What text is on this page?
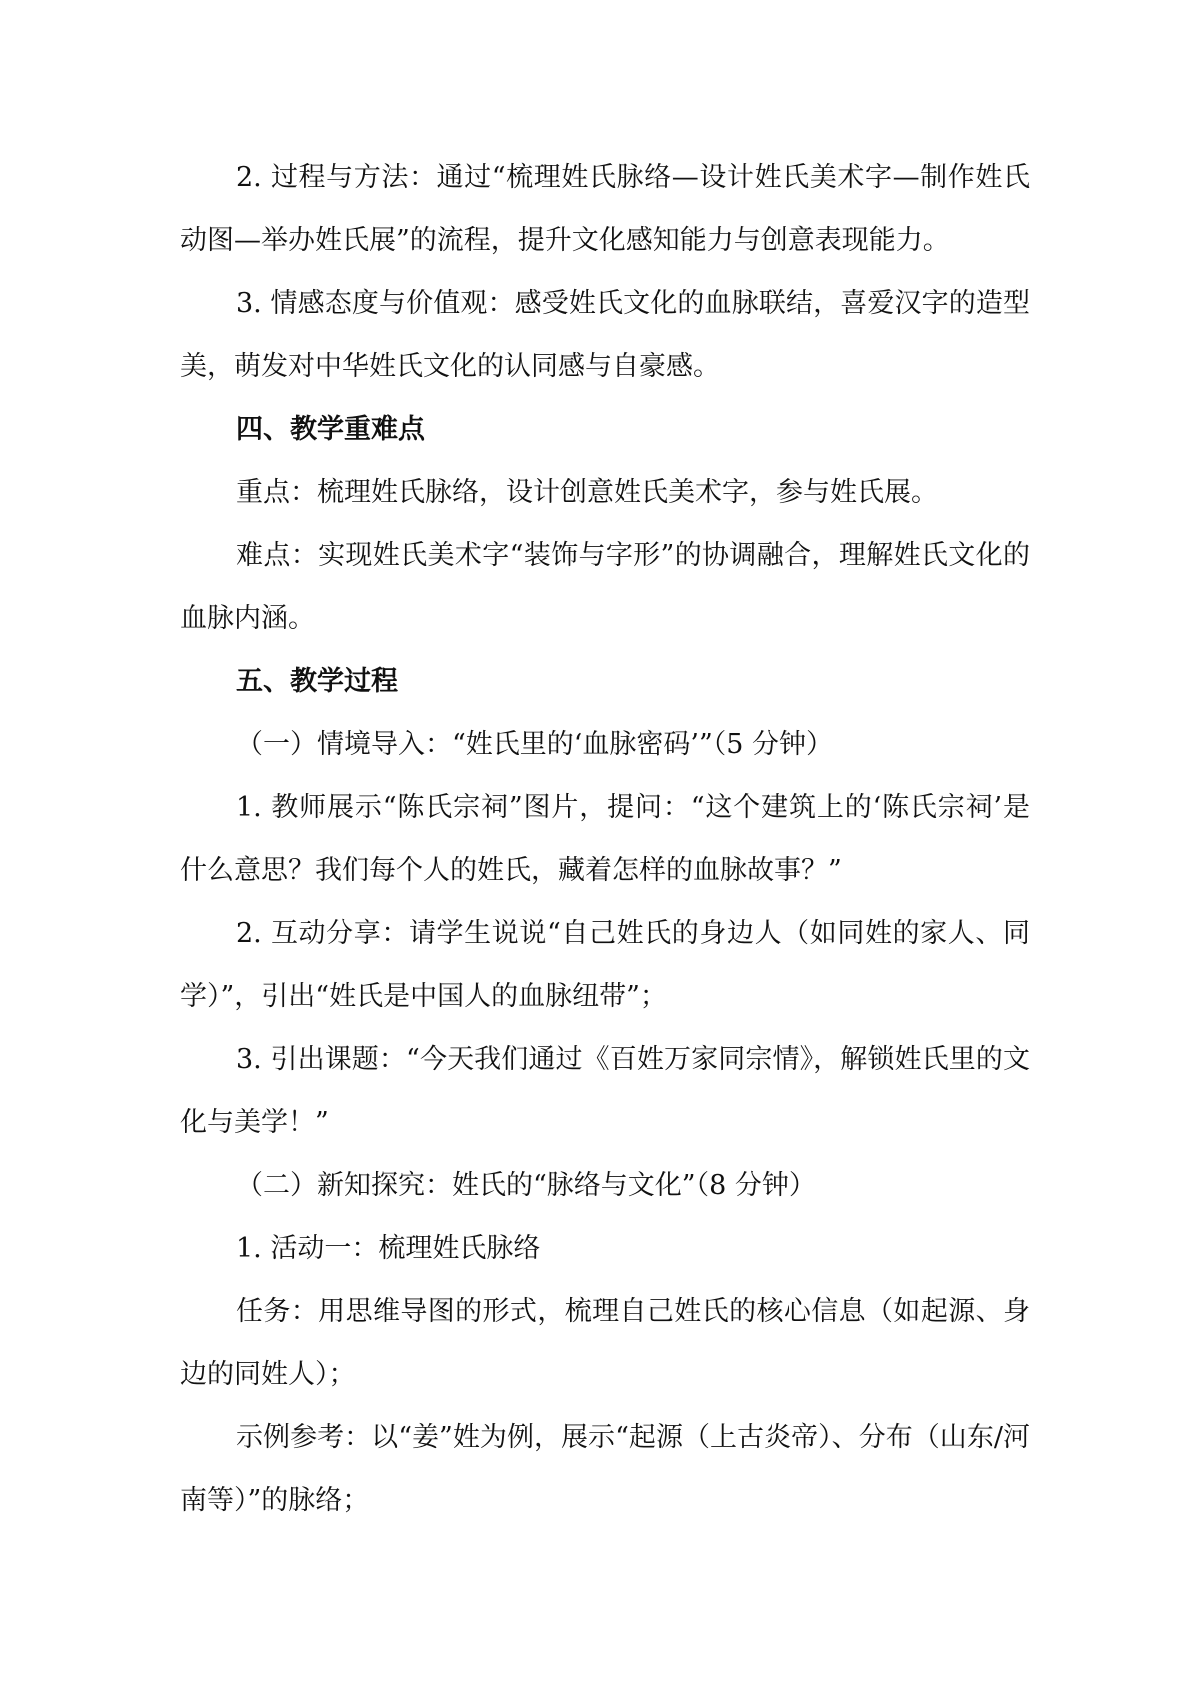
2. 过程与方法：通过“梳理姓氏脉络—设计姓氏美术字—制作姓氏动图—举办姓氏展”的流程，提升文化感知能力与创意表现能力。

3. 情感态度与价值观：感受姓氏文化的血脉联结，喜爱汉字的造型美，萌发对中华姓氏文化的认同感与自豪感。

四、教学重难点

重点：梳理姓氏脉络，设计创意姓氏美术字，参与姓氏展。

难点：实现姓氏美术字“装饰与字形”的协调融合，理解姓氏文化的血脉内涵。

五、教学过程

（一）情境导入：“姓氏里的‘血脉密码’”（5 分钟）

1. 教师展示“陈氏宗祠”图片，提问：“这个建筑上的‘陈氏宗祠’是什么意思？我们每个人的姓氏，藏着怎样的血脉故事？”

2. 互动分享：请学生说说“自己姓氏的身边人（如同姓的家人、同学）”，引出“姓氏是中国人的血脉纽带”；

3. 引出课题：“今天我们通过《百姓万家同宗情》，解锁姓氏里的文化与美学！”

（二）新知探究：姓氏的“脉络与文化”（8 分钟）

1. 活动一：梳理姓氏脉络

任务：用思维导图的形式，梳理自己姓氏的核心信息（如起源、身边的同姓人）；

示例参考：以“姜”姓为例，展示“起源（上古炎帝）、分布（山东/河南等）”的脉络；
